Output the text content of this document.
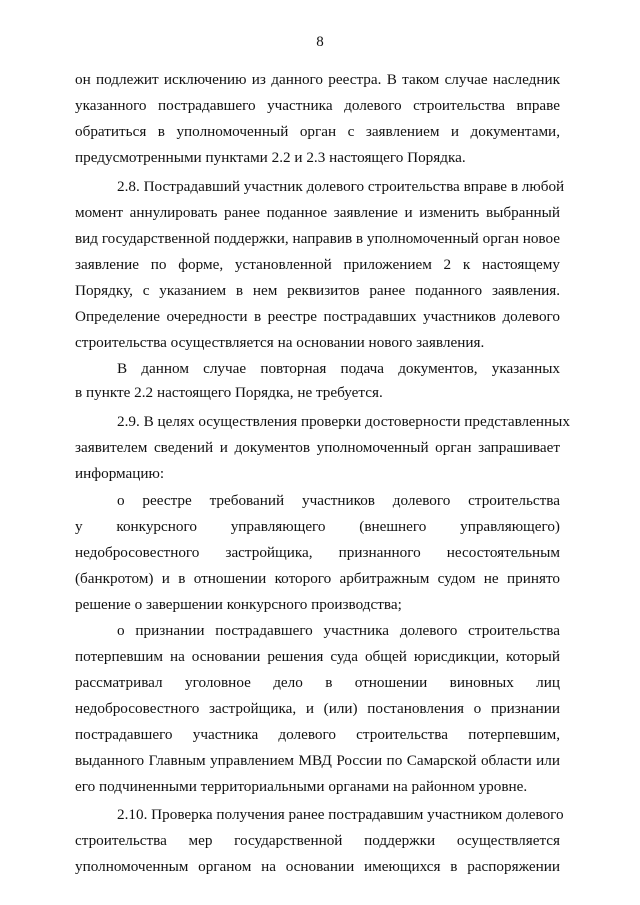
8
он подлежит исключению из данного реестра. В таком случае наследник
указанного пострадавшего участника долевого строительства вправе
обратиться в уполномоченный орган с заявлением и документами,
предусмотренными пунктами 2.2 и 2.3 настоящего Порядка.
2.8. Пострадавший участник долевого строительства вправе в любой
момент аннулировать ранее поданное заявление и изменить выбранный
вид государственной поддержки, направив в уполномоченный орган новое
заявление по форме, установленной приложением 2 к настоящему
Порядку, с указанием в нем реквизитов ранее поданного заявления.
Определение очередности в реестре пострадавших участников долевого
строительства осуществляется на основании нового заявления.
В данном случае повторная подача документов, указанных
в пункте 2.2 настоящего Порядка, не требуется.
2.9. В целях осуществления проверки достоверности представленных
заявителем сведений и документов уполномоченный орган запрашивает
информацию:
о реестре требований участников долевого строительства
у конкурсного управляющего (внешнего управляющего)
недобросовестного застройщика, признанного несостоятельным
(банкротом) и в отношении которого арбитражным судом не принято
решение о завершении конкурсного производства;
о признании пострадавшего участника долевого строительства
потерпевшим на основании решения суда общей юрисдикции, который
рассматривал уголовное дело в отношении виновных лиц
недобросовестного застройщика, и (или) постановления о признании
пострадавшего участника долевого строительства потерпевшим,
выданного Главным управлением МВД России по Самарской области или
его подчиненными территориальными органами на районном уровне.
2.10. Проверка получения ранее пострадавшим участником долевого
строительства мер государственной поддержки осуществляется
уполномоченным органом на основании имеющихся в распоряжении
